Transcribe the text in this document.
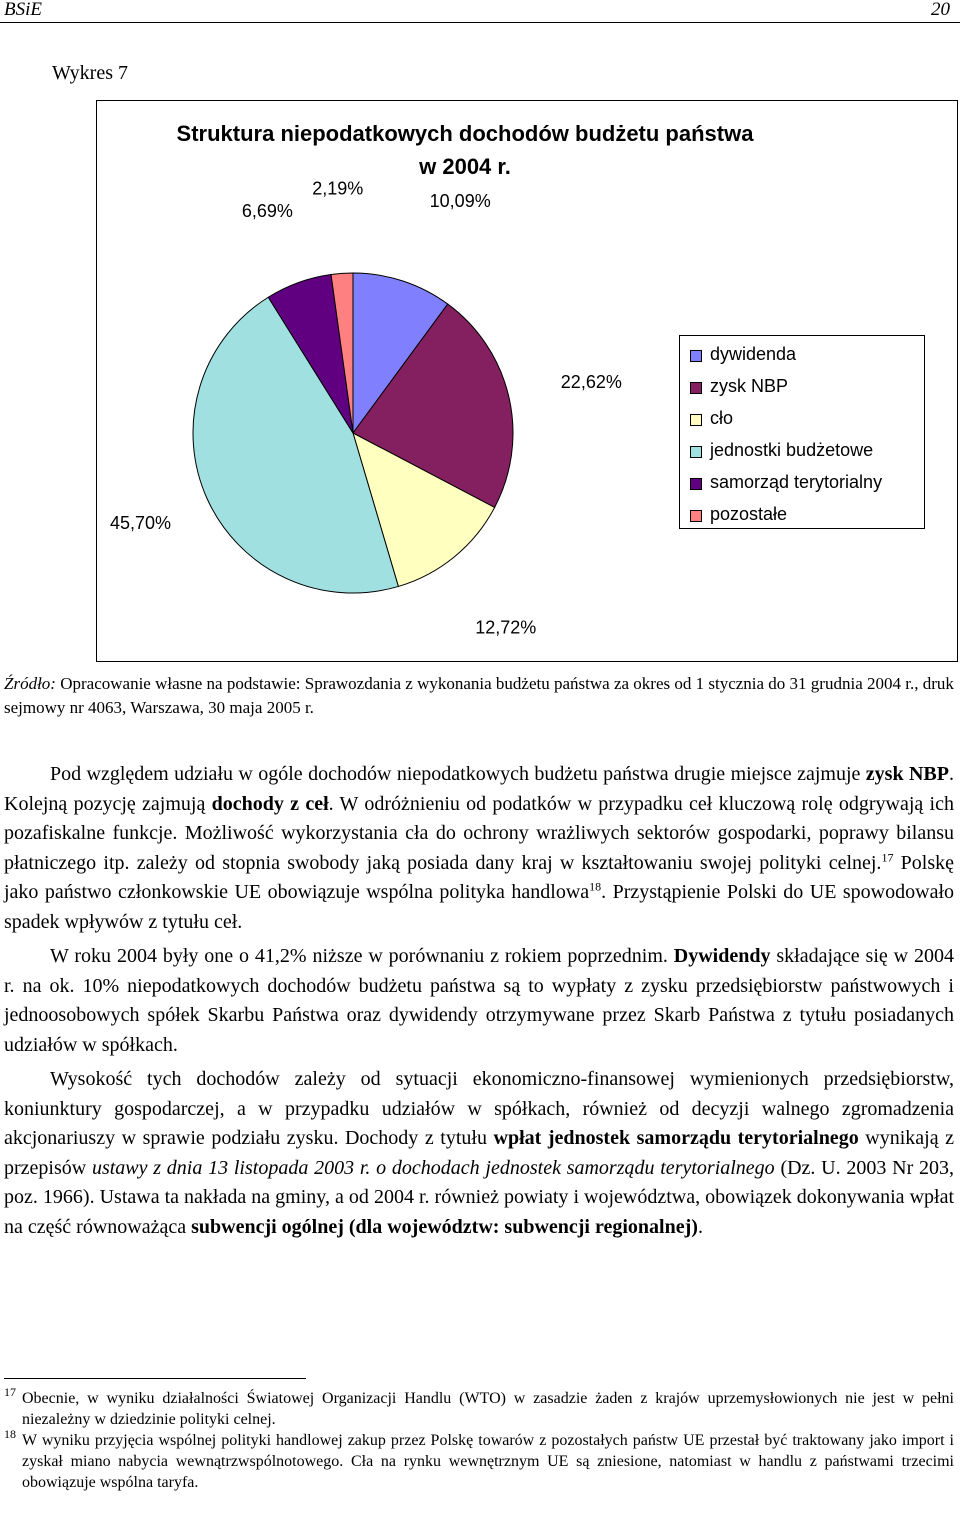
BSiE	20
Wykres 7
Struktura niepodatkowych dochodów budżetu państwa
w 2004 r.
10,09%
22,62%
12,72%
45,70%
6,69%
2,19%
dywidenda
zysk NBP
cło
jednostki budżetowe
samorząd terytorialny
pozostałe
Źródło: Opracowanie własne na podstawie: Sprawozdania z wykonania budżetu państwa za okres od 1 stycznia do 31 grudnia 2004 r., druk sejmowy nr 4063, Warszawa, 30 maja 2005 r.

Pod względem udziału w ogóle dochodów niepodatkowych budżetu państwa drugie miejsce zajmuje zysk NBP. Kolejną pozycję zajmują dochody z ceł. W odróżnieniu od podatków w przypadku ceł kluczową rolę odgrywają ich pozafiskalne funkcje. Możliwość wykorzystania cła do ochrony wrażliwych sektorów gospodarki, poprawy bilansu płatniczego itp. zależy od stopnia swobody jaką posiada dany kraj w kształtowaniu swojej polityki celnej.$^{17}$ Polskę jako państwo członkowskie UE obowiązuje wspólna polityka handlowa$^{18}$. Przystąpienie Polski do UE spowodowało spadek wpływów z tytułu ceł.

W roku 2004 były one o 41,2% niższe w porównaniu z rokiem poprzednim. Dywidendy składające się w 2004 r. na ok. 10% niepodatkowych dochodów budżetu państwa są to wypłaty z zysku przedsiębiorstw państwowych i jednoosobowych spółek Skarbu Państwa oraz dywidendy otrzymywane przez Skarb Państwa z tytułu posiadanych udziałów w spółkach.

Wysokość tych dochodów zależy od sytuacji ekonomiczno-finansowej wymienionych przedsiębiorstw, koniunktury gospodarczej, a w przypadku udziałów w spółkach, również od decyzji walnego zgromadzenia akcjonariuszy w sprawie podziału zysku. Dochody z tytułu wpłat jednostek samorządu terytorialnego wynikają z przepisów ustawy z dnia 13 listopada 2003 r. o dochodach jednostek samorządu terytorialnego (Dz. U. 2003 Nr 203, poz. 1966). Ustawa ta nakłada na gminy, a od 2004 r. również powiaty i województwa, obowiązek dokonywania wpłat na część równoważąca subwencji ogólnej (dla województw: subwencji regionalnej).

17 Obecnie, w wyniku działalności Światowej Organizacji Handlu (WTO) w zasadzie żaden z krajów uprzemysłowionych nie jest w pełni niezależny w dziedzinie polityki celnej.
18 W wyniku przyjęcia wspólnej polityki handlowej zakup przez Polskę towarów z pozostałych państw UE przestał być traktowany jako import i zyskał miano nabycia wewnątrzwspólnotowego. Cła na rynku wewnętrznym UE są zniesione, natomiast w handlu z państwami trzecimi obowiązuje wspólna taryfa.
